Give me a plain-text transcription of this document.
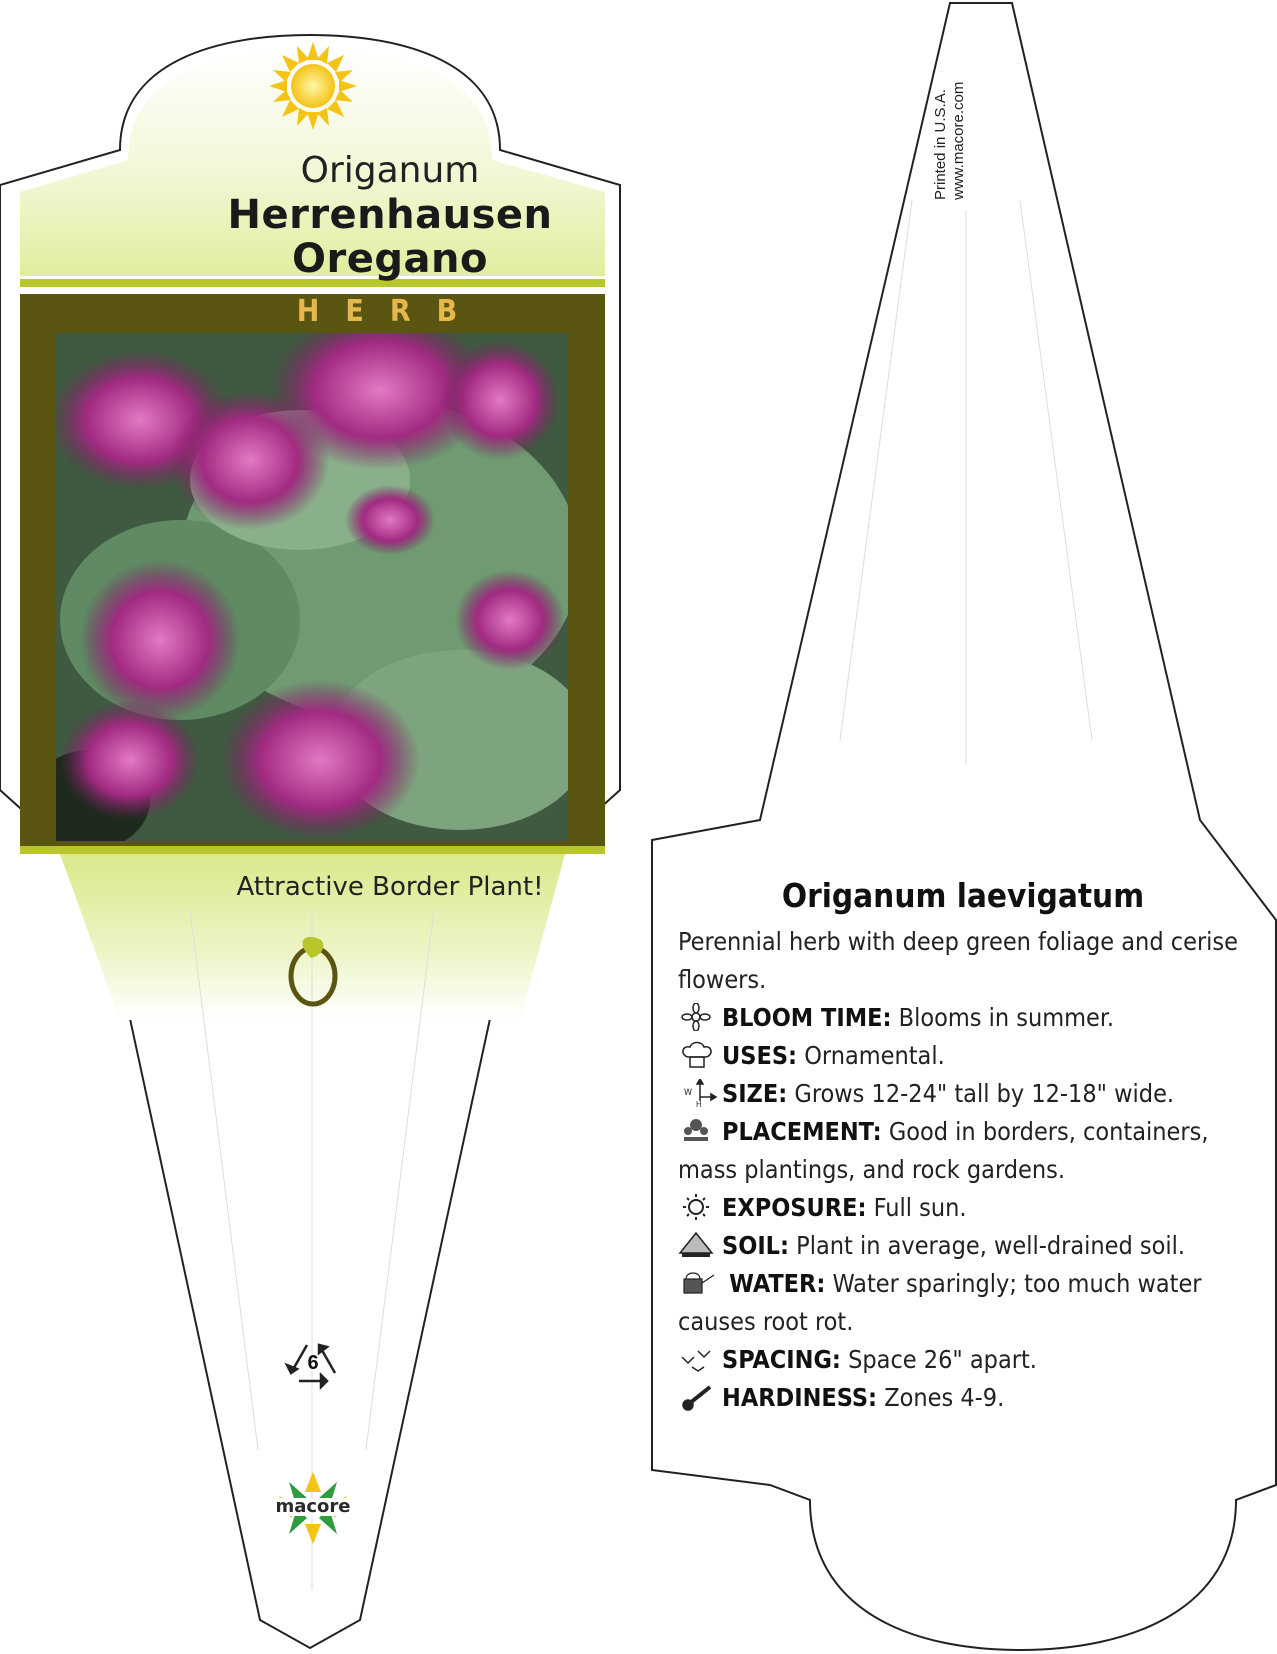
Origanum
Herrenhausen
Oregano
HERB
Attractive Border Plant!
6
macore
Printed in U.S.A. www.macore.com
Origanum laevigatum
Perennial herb with deep green foliage and cerise flowers.
BLOOM TIME: Blooms in summer.
USES: Ornamental.
W
H SIZE: Grows 12-24" tall by 12-18" wide.
PLACEMENT: Good in borders, containers, mass plantings, and rock gardens.
EXPOSURE: Full sun.
SOIL: Plant in average, well-drained soil.
WATER: Water sparingly; too much water causes root rot.
SPACING: Space 26" apart.
HARDINESS: Zones 4-9.
